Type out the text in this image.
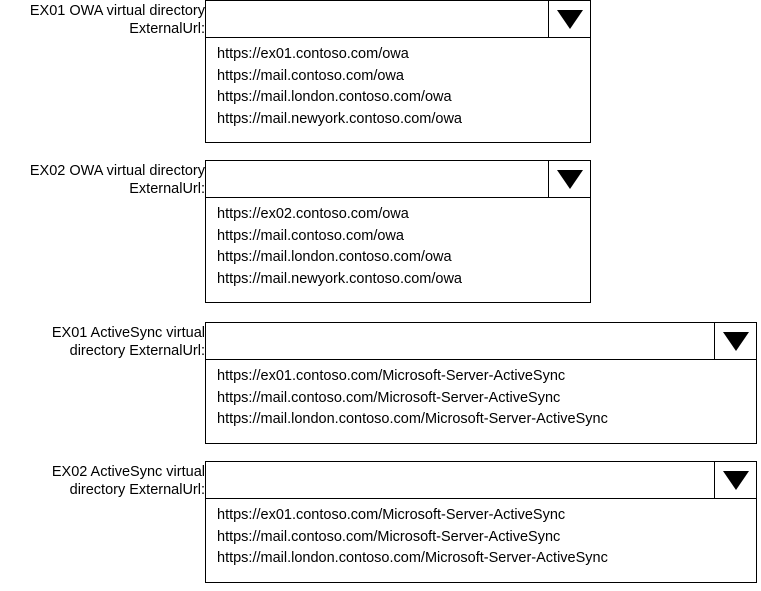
EX01 OWA virtual directory ExternalUrl:
https://ex01.contoso.com/owa
https://mail.contoso.com/owa
https://mail.london.contoso.com/owa
https://mail.newyork.contoso.com/owa
EX02 OWA virtual directory ExternalUrl:
https://ex02.contoso.com/owa
https://mail.contoso.com/owa
https://mail.london.contoso.com/owa
https://mail.newyork.contoso.com/owa
EX01 ActiveSync virtual directory ExternalUrl:
https://ex01.contoso.com/Microsoft-Server-ActiveSync
https://mail.contoso.com/Microsoft-Server-ActiveSync
https://mail.london.contoso.com/Microsoft-Server-ActiveSync
EX02 ActiveSync virtual directory ExternalUrl:
https://ex01.contoso.com/Microsoft-Server-ActiveSync
https://mail.contoso.com/Microsoft-Server-ActiveSync
https://mail.london.contoso.com/Microsoft-Server-ActiveSync
